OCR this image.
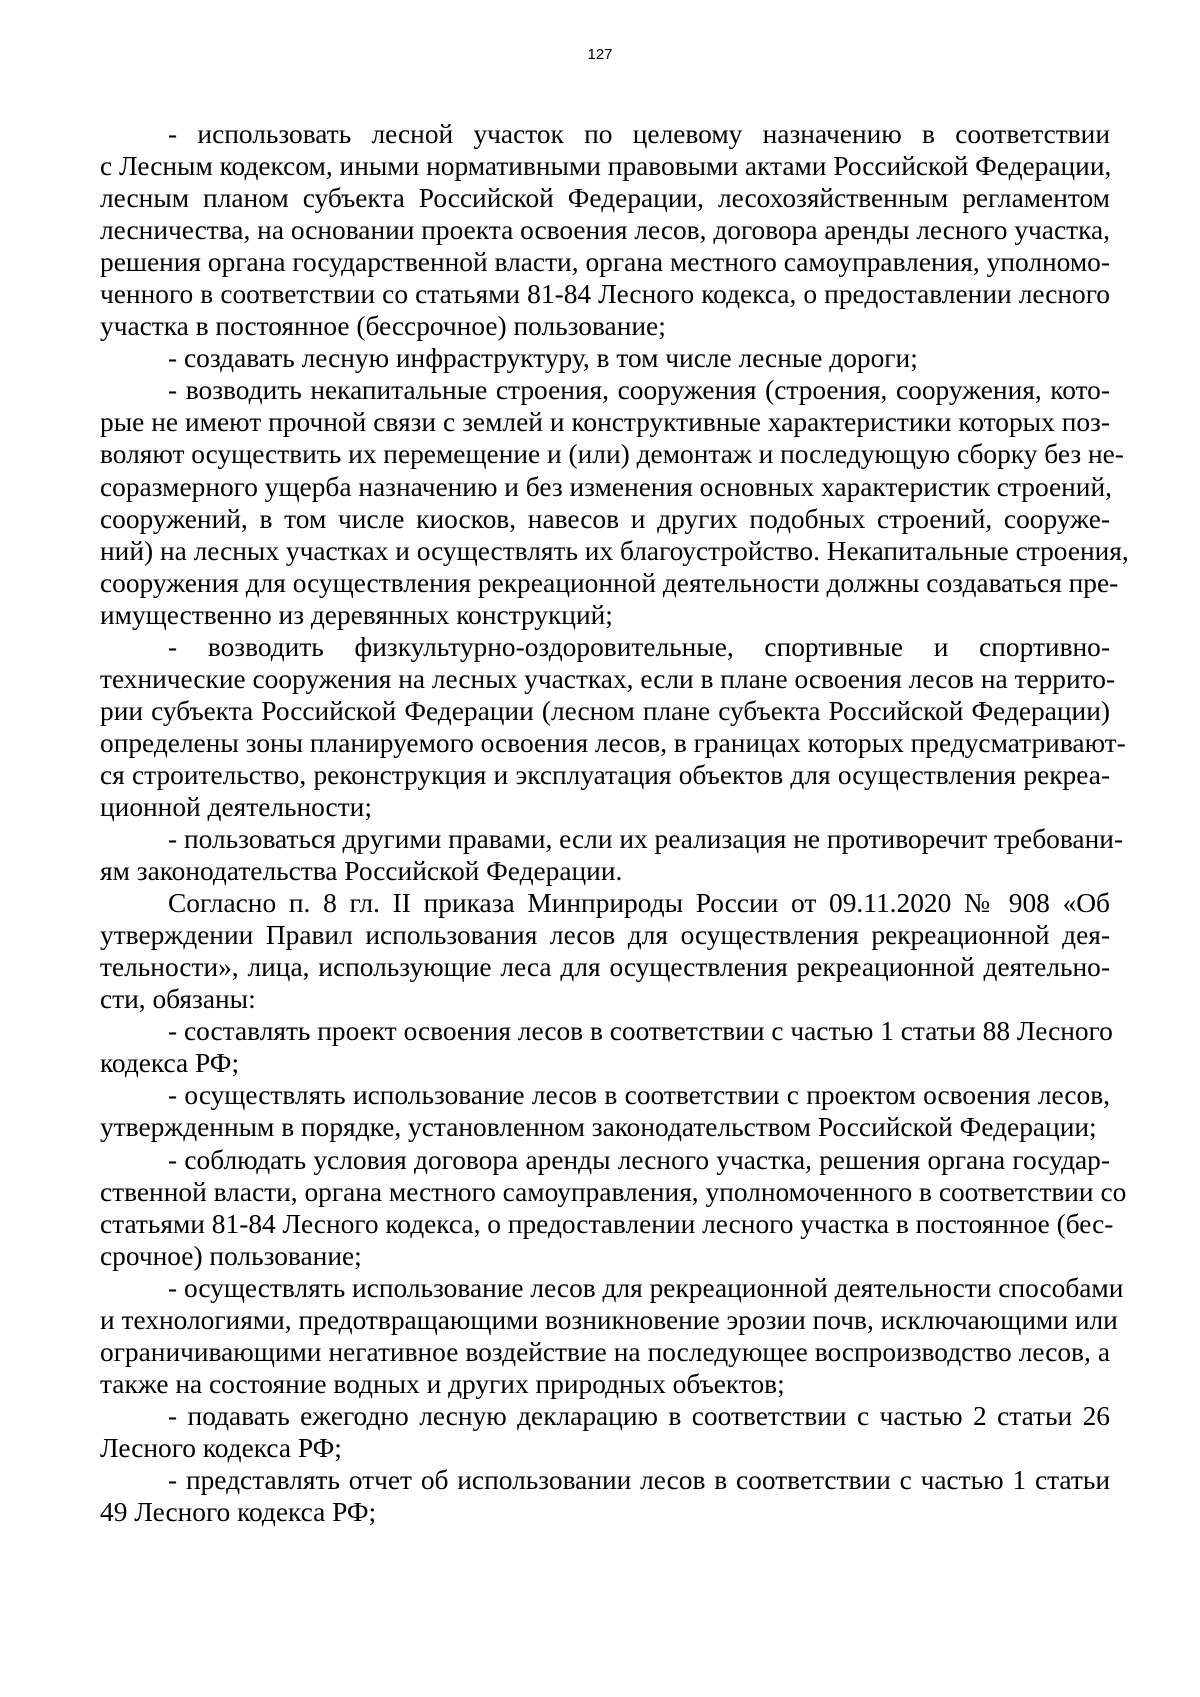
127
- использовать лесной участок по целевому назначению в соответствии
с Лесным кодексом, иными нормативными правовыми актами Российской Федерации,
лесным планом субъекта Российской Федерации, лесохозяйственным регламентом
лесничества, на основании проекта освоения лесов, договора аренды лесного участка,
решения органа государственной власти, органа местного самоуправления, уполномо-
ченного в соответствии со статьями 81-84 Лесного кодекса, о предоставлении лесного
участка в постоянное (бессрочное) пользование;
- создавать лесную инфраструктуру, в том числе лесные дороги;
- возводить некапитальные строения, сооружения (строения, сооружения, кото-
рые не имеют прочной связи с землей и конструктивные характеристики которых поз-
воляют осуществить их перемещение и (или) демонтаж и последующую сборку без не-
соразмерного ущерба назначению и без изменения основных характеристик строений,
сооружений, в том числе киосков, навесов и других подобных строений, сооруже-
ний) на лесных участках и осуществлять их благоустройство. Некапитальные строения,
сооружения для осуществления рекреационной деятельности должны создаваться пре-
имущественно из деревянных конструкций;
- возводить физкультурно-оздоровительные, спортивные и спортивно-
технические сооружения на лесных участках, если в плане освоения лесов на террито-
рии субъекта Российской Федерации (лесном плане субъекта Российской Федерации)
определены зоны планируемого освоения лесов, в границах которых предусматривают-
ся строительство, реконструкция и эксплуатация объектов для осуществления рекреа-
ционной деятельности;
- пользоваться другими правами, если их реализация не противоречит требовани-
ям законодательства Российской Федерации.
Согласно п. 8 гл. II приказа Минприроды России от 09.11.2020 № 908 «Об
утверждении Правил использования лесов для осуществления рекреационной дея-
тельности», лица, использующие леса для осуществления рекреационной деятельно-
сти, обязаны:
- составлять проект освоения лесов в соответствии с частью 1 статьи 88 Лесного
кодекса РФ;
- осуществлять использование лесов в соответствии с проектом освоения лесов,
утвержденным в порядке, установленном законодательством Российской Федерации;
- соблюдать условия договора аренды лесного участка, решения органа государ-
ственной власти, органа местного самоуправления, уполномоченного в соответствии со
статьями 81-84 Лесного кодекса, о предоставлении лесного участка в постоянное (бес-
срочное) пользование;
- осуществлять использование лесов для рекреационной деятельности способами
и технологиями, предотвращающими возникновение эрозии почв, исключающими или
ограничивающими негативное воздействие на последующее воспроизводство лесов, а
также на состояние водных и других природных объектов;
- подавать ежегодно лесную декларацию в соответствии с частью 2 статьи 26
Лесного кодекса РФ;
- представлять отчет об использовании лесов в соответствии с частью 1 статьи
49 Лесного кодекса РФ;
